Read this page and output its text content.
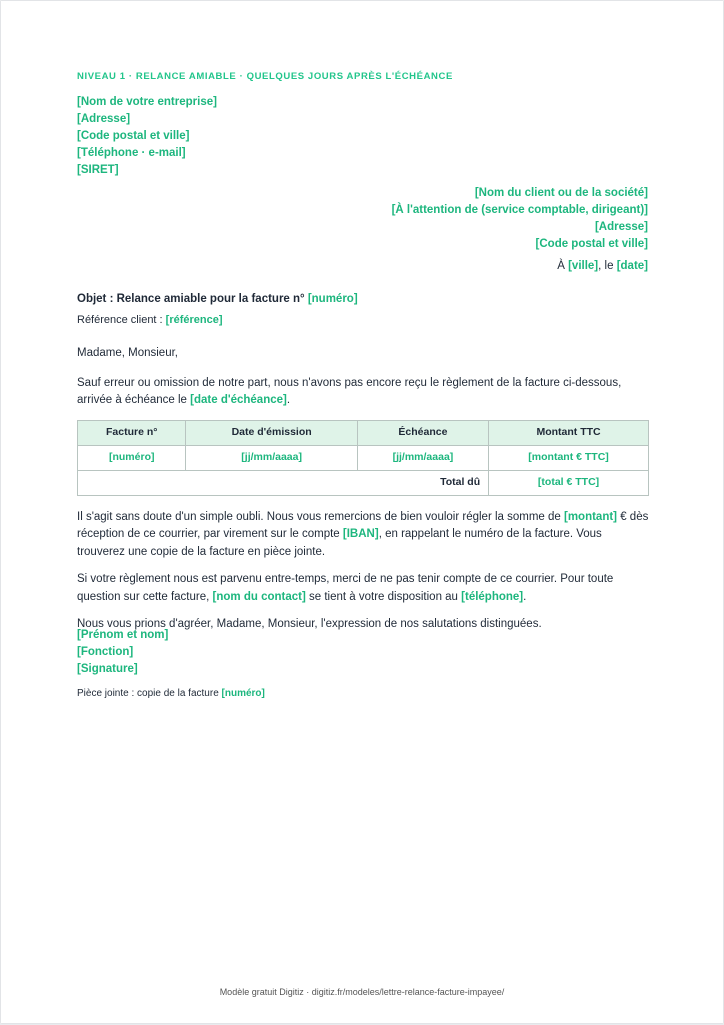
NIVEAU 1 · RELANCE AMIABLE · QUELQUES JOURS APRÈS L'ÉCHÉANCE
[Nom de votre entreprise]
[Adresse]
[Code postal et ville]
[Téléphone · e-mail]
[SIRET]
[Nom du client ou de la société]
[À l'attention de (service comptable, dirigeant)]
[Adresse]
[Code postal et ville]
À [ville], le [date]
Objet : Relance amiable pour la facture n° [numéro]
Référence client : [référence]

Madame, Monsieur,

Sauf erreur ou omission de notre part, nous n'avons pas encore reçu le règlement de la facture ci-dessous, arrivée à échéance le [date d'échéance].

Facture n°	Date d'émission	Échéance	Montant TTC
[numéro]	[jj/mm/aaaa]	[jj/mm/aaaa]	[montant € TTC]
Total dû			[total € TTC]

Il s'agit sans doute d'un simple oubli. Nous vous remercions de bien vouloir régler la somme de [montant] € dès réception de ce courrier, par virement sur le compte [IBAN], en rappelant le numéro de la facture. Vous trouverez une copie de la facture en pièce jointe.

Si votre règlement nous est parvenu entre-temps, merci de ne pas tenir compte de ce courrier. Pour toute question sur cette facture, [nom du contact] se tient à votre disposition au [téléphone].

Nous vous prions d'agréer, Madame, Monsieur, l'expression de nos salutations distinguées.

[Prénom et nom]
[Fonction]
[Signature]
Pièce jointe : copie de la facture [numéro]
Modèle gratuit Digitiz · digitiz.fr/modeles/lettre-relance-facture-impayee/
